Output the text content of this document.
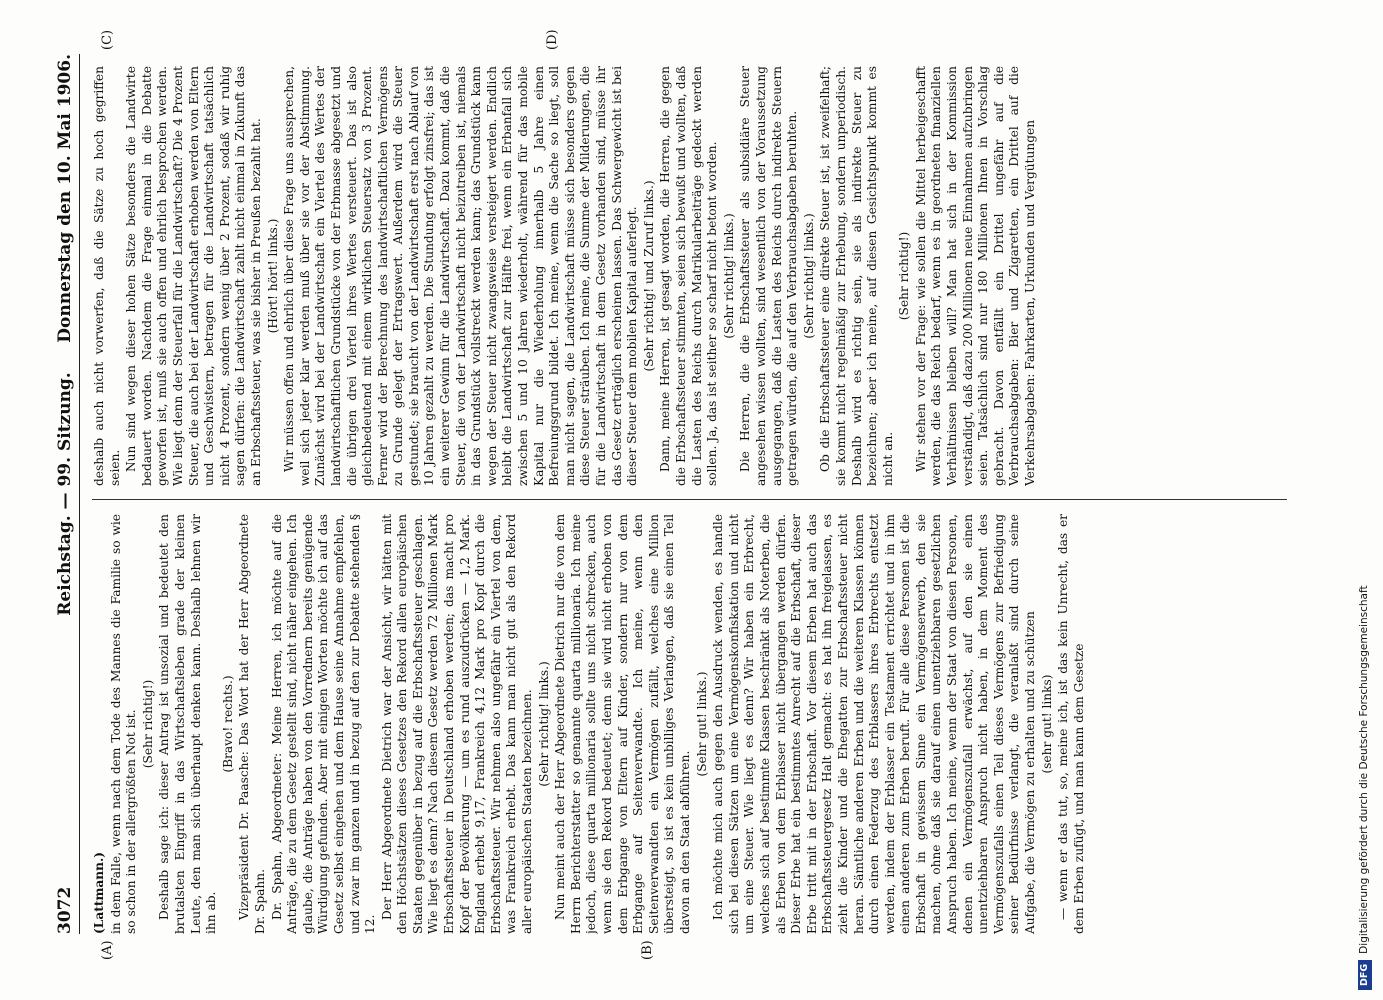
3072
Reichstag. — 99. Sitzung.
Donnerstag den 10. Mai 1906.
(A)	(B)
(C)	(D)

(Lattmann.) in dem Falle, wenn nach dem Tode des Mannes die Familie so wie so schon in der allergrößten Not ist. (Sehr richtig!) Deshalb sage ich: dieser Antrag ist unsozial und bedeutet den brutalsten Eingriff in das Wirtschaftsleben grade der kleinen Leute, den man sich überhaupt denken kann. Deshalb lehnen wir ihn ab.

(Bravo! rechts.) Vizepräsident Dr. Paasche: Das Wort hat der Herr Abgeordnete Dr. Spahn. Dr. Spahn, Abgeordneter: Meine Herren, ich möchte auf die Anträge, die zu dem Gesetz gestellt sind, nicht näher eingehen. Ich glaube, die Anträge haben von den Vorrednern bereits genügende Würdigung gefunden. Aber mit einigen Worten möchte ich auf das Gesetz selbst eingehen und dem Hause seine Annahme empfehlen, und zwar im ganzen und in bezug auf den zur Debatte stehenden § 12.

Der Herr Abgeordnete Dietrich war der Ansicht, wir hätten mit den Höchstsätzen dieses Gesetzes den Rekord allen europäischen Staaten gegenüber in bezug auf die Erbschaftssteuer geschlagen. Wie liegt es denn? Nach diesem Gesetz werden 72 Millionen Mark Erbschaftssteuer in Deutschland erhoben werden; das macht pro Kopf der Bevölkerung — um es rund auszudrücken — 1,2 Mark. England erhebt 9,17, Frankreich 4,12 Mark pro Kopf durch die Erbschaftssteuer. Wir nehmen also ungefähr ein Viertel von dem, was Frankreich erhebt. Das kann man nicht gut als den Rekord aller europäischen Staaten bezeichnen. (Sehr richtig! links.) Nun meint auch der Herr Abgeordnete Dietrich nur die von dem Herrn Berichterstatter so genannte quarta millionaria. Ich meine jedoch, diese quarta millionaria sollte uns nicht schrecken, auch wenn sie den Rekord bedeutet; denn sie wird nicht erhoben von dem Erbgange von Eltern auf Kinder, sondern nur von dem Erbgange auf Seitenverwandte. Ich meine, wenn den Seitenverwandten ein Vermögen zufällt, welches eine Million übersteigt, so ist es kein unbilliges Verlangen, daß sie einen Teil davon an den Staat abführen.

(Sehr gut! links.) Ich möchte mich auch gegen den Ausdruck wenden, es handle sich bei diesen Sätzen um eine Vermögenskonfiskation und nicht um eine Steuer. Wie liegt es denn? Wir haben ein Erbrecht, welches sich auf bestimmte Klassen beschränkt als Noterben, die als Erben von dem Erblasser nicht übergangen werden dürfen. Dieser Erbe hat ein bestimmtes Anrecht auf die Erbschaft, dieser Erbe tritt mit in der Erbschaft. Vor diesem Erben hat auch das Erbschaftssteuergesetz Halt gemacht: es hat ihn freigelassen, es zieht die Kinder und die Ehegatten zur Erbschaftssteuer nicht heran. Sämtliche anderen Erben und die weiteren Klassen können durch einen Federzug des Erblassers ihres Erbrechts entsetzt werden, indem der Erblasser ein Testament errichtet und in ihm einen anderen zum Erben beruft. Für alle diese Personen ist die Erbschaft in gewissem Sinne ein Vermögenserwerb, den sie machen, ohne daß sie darauf einen unentziehbaren gesetzlichen Anspruch haben. Ich meine, wenn der Staat von diesen Personen, denen ein Vermögenszufall erwächst, auf den sie einen unentziehbaren Anspruch nicht haben, in dem Moment des Vermögenszufalls einen Teil dieses Vermögens zur Befriedigung seiner Bedürfnisse verlangt, die veranlaßt sind durch seine Aufgabe, die Vermögen zu erhalten und zu schützen (sehr gut! links) — wenn er das tut, so, meine ich, ist das kein Unrecht, das er dem Erben zufügt, und man kann dem Gesetze

deshalb auch nicht vorwerfen, daß die Sätze zu hoch gegriffen seien. Nun sind wegen dieser hohen Sätze besonders die Landwirte bedauert worden. Nachdem die Frage einmal in die Debatte geworfen ist, muß sie auch offen und ehrlich besprochen werden. Wie liegt denn der Steuerfall für die Landwirtschaft? Die 4 Prozent Steuer, die auch bei der Landwirtschaft erhoben werden von Eltern und Geschwistern, betragen für die Landwirtschaft tatsächlich nicht 4 Prozent, sondern wenig über 2 Prozent, sodaß wir ruhig sagen dürfen: die Landwirtschaft zahlt nicht einmal in Zukunft das an Erbschaftssteuer, was sie bisher in Preußen bezahlt hat. (Hört! hört! links.) Wir müssen offen und ehrlich über diese Frage uns aussprechen, weil sich jeder klar werden muß über sie vor der Abstimmung. Zunächst wird bei der Landwirtschaft ein Viertel des Wertes der landwirtschaftlichen Grundstücke von der Erbmasse abgesetzt und die übrigen drei Viertel ihres Wertes versteuert. Das ist also gleichbedeutend mit einem wirklichen Steuersatz von 3 Prozent. Ferner wird der Berechnung des landwirtschaftlichen Vermögens zu Grunde gelegt der Ertragswert. Außerdem wird die Steuer gestundet; sie braucht von der Landwirtschaft erst nach Ablauf von 10 Jahren gezahlt zu werden. Die Stundung erfolgt zinsfrei; das ist ein weiterer Gewinn für die Landwirtschaft. Dazu kommt, daß die Steuer, die von der Landwirtschaft nicht beizutreiben ist, niemals in das Grundstück vollstreckt werden kann; das Grundstück kann wegen der Steuer nicht zwangsweise versteigert werden. Endlich bleibt die Landwirtschaft zur Hälfte frei, wenn ein Erbanfall sich zwischen 5 und 10 Jahren wiederholt, während für das mobile Kapital nur die Wiederholung innerhalb 5 Jahre einen Befreiungsgrund bildet. Ich meine, wenn die Sache so liegt, soll man nicht sagen, die Landwirtschaft müsse sich besonders gegen diese Steuer sträuben. Ich meine, die Summe der Milderungen, die für die Landwirtschaft in dem Gesetz vorhanden sind, müsse ihr das Gesetz erträglich erscheinen lassen. Das Schwergewicht ist bei dieser Steuer dem mobilen Kapital auferlegt. (Sehr richtig! und Zuruf links.) Dann, meine Herren, ist gesagt worden, die Herren, die gegen die Erbschaftssteuer stimmten, seien sich bewußt und wollten, daß die Lasten des Reichs durch Matrikularbeiträge gedeckt werden sollen. Ja, das ist seither so scharf nicht betont worden. (Sehr richtig! links.) Die Herren, die die Erbschaftssteuer als subsidiäre Steuer angesehen wissen wollten, sind wesentlich von der Voraussetzung ausgegangen, daß die Lasten des Reichs durch indirekte Steuern getragen würden, die auf den Verbrauchsabgaben beruhten. (Sehr richtig! links.) Ob die Erbschaftssteuer eine direkte Steuer ist, ist zweifelhaft; sie kommt nicht regelmäßig zur Erhebung, sondern unperiodisch. Deshalb wird es richtig sein, sie als indirekte Steuer zu bezeichnen; aber ich meine, auf diesen Gesichtspunkt kommt es nicht an.

(Sehr richtig!) Wir stehen vor der Frage: wie sollen die Mittel herbeigeschafft werden, die das Reich bedarf, wenn es in geordneten finanziellen Verhältnissen bleiben will? Man hat sich in der Kommission verständigt, daß dazu 200 Millionen neue Einnahmen aufzubringen seien. Tatsächlich sind nur 180 Millionen Ihnen in Vorschlag gebracht. Davon entfällt ein Drittel ungefähr auf die Verbrauchsabgaben: Bier und Zigaretten, ein Drittel auf die Verkehrsabgaben: Fahrkarten, Urkunden und Vergütungen

DFGDigitalisierung gefördert durch die Deutsche Forschungsgemeinschaft
